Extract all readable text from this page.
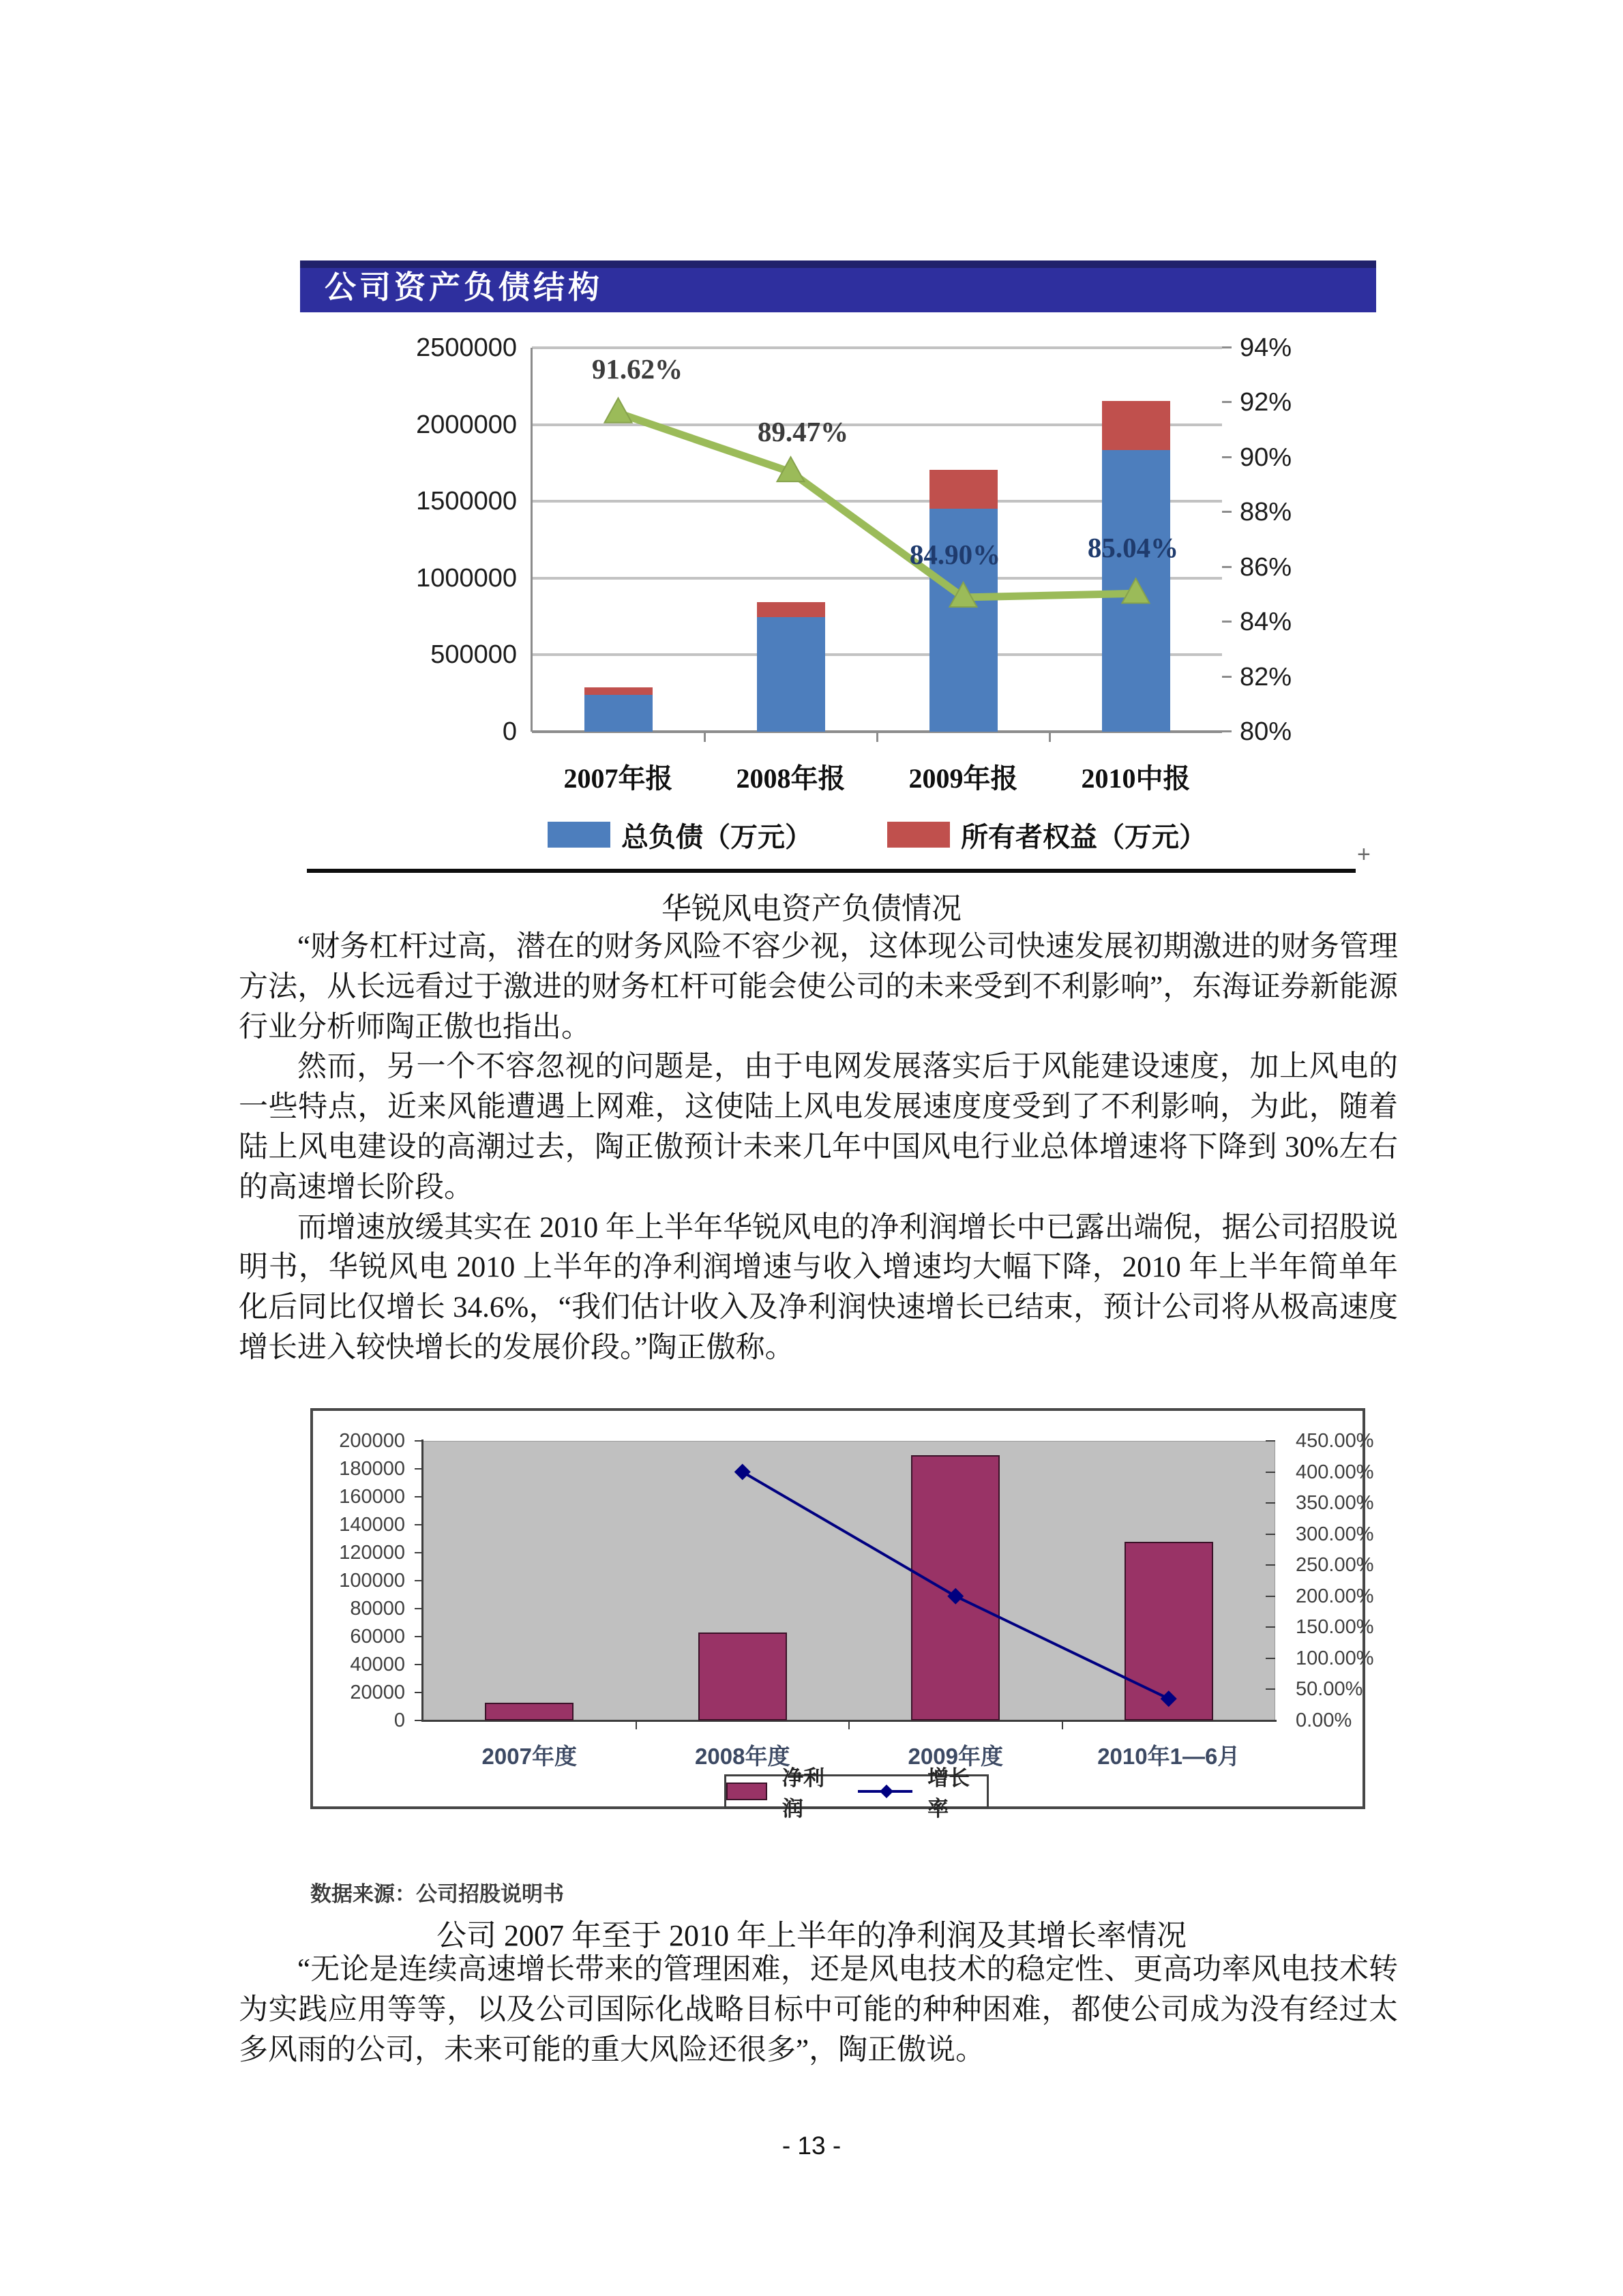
公司资产负债结构
+
华锐风电资产负债情况

“财务杠杆过高，潜在的财务风险不容少视，这体现公司快速发展初期激进的财务管理方法，从长远看过于激进的财务杠杆可能会使公司的未来受到不利影响”，东海证券新能源行业分析师陶正傲也指出。

然而，另一个不容忽视的问题是，由于电网发展落实后于风能建设速度，加上风电的一些特点，近来风能遭遇上网难，这使陆上风电发展速度度受到了不利影响，为此，随着陆上风电建设的高潮过去，陶正傲预计未来几年中国风电行业总体增速将下降到 30%左右的高速增长阶段。

而增速放缓其实在 2010 年上半年华锐风电的净利润增长中已露出端倪，据公司招股说明书，华锐风电 2010 上半年的净利润增速与收入增速均大幅下降，2010 年上半年简单年化后同比仅增长 34.6%，“我们估计收入及净利润快速增长已结束，预计公司将从极高速度增长进入较快增长的发展价段。”陶正傲称。

数据来源：公司招股说明书
公司 2007 年至于 2010 年上半年的净利润及其增长率情况

“无论是连续高速增长带来的管理困难，还是风电技术的稳定性、更高功率风电技术转为实践应用等等，以及公司国际化战略目标中可能的种种困难，都使公司成为没有经过太多风雨的公司，未来可能的重大风险还很多”，陶正傲说。

- 13 -
0
500000
1000000
1500000
2000000
2500000	94%
92%
90%
88%
86%
84%
82%
80%
91.62%
89.47%
84.90%	85.04%
2007年报	2008年报	2009年报	2010中报
总负债（万元）	所有者权益（万元）
200000
180000
160000
140000
120000
100000
80000
60000
40000
20000
0
450.00%
400.00%
350.00%
300.00%
250.00%
200.00%
150.00%
100.00%
50.00%
0.00%
2007年度	2008年度	2009年度	2010年1—6月
净利润
增长率
